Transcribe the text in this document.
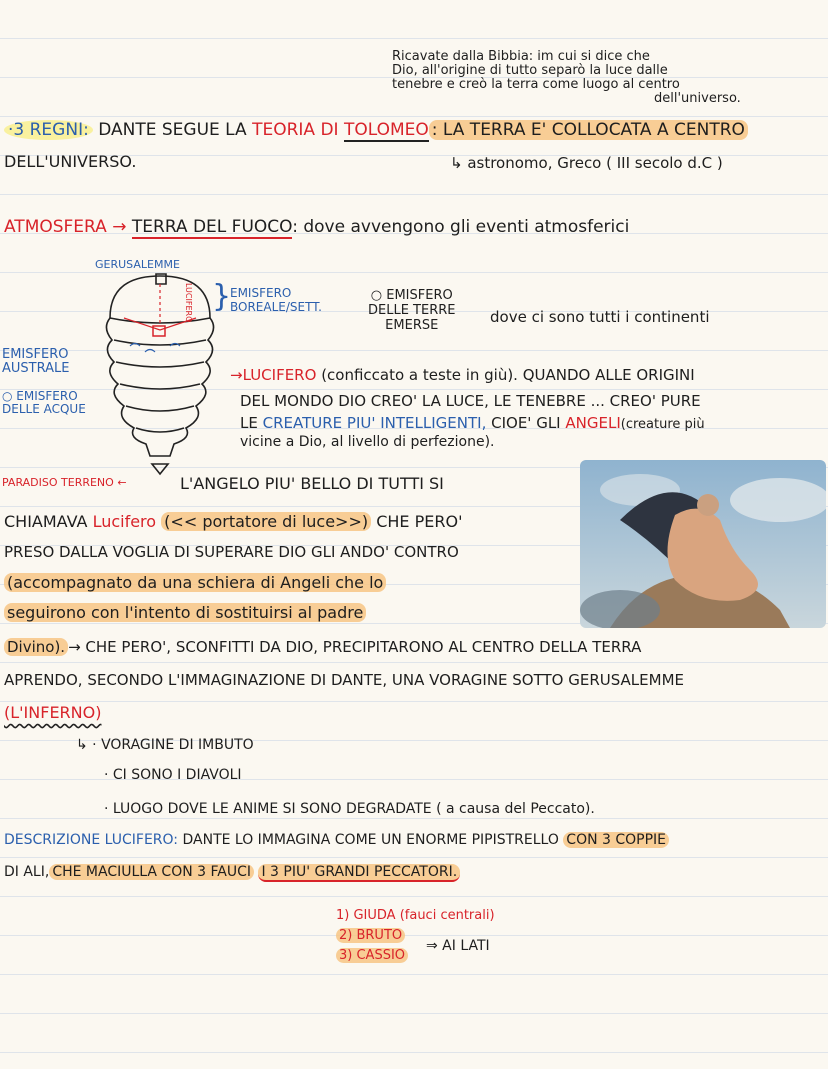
Ricavate dalla Bibbia: im cui si dice che
Dio, all'origine di tutto separò la luce dalle
tenebre e creò la terra come luogo al centro
dell'universo.
·3 REGNI: DANTE SEGUE LA TEORIA DI TOLOMEO : LA TERRA E' COLLOCATA A CENTRO
DELL'UNIVERSO.	↳ astronomo, Greco ( III secolo d.C )
ATMOSFERA → TERRA DEL FUOCO: dove avvengono gli eventi atmosferici
GERUSALEMME
LUCIFERO }
EMISFERO
BOREALE/SETT.
○ EMISFERO
DELLE TERRE
EMERSE	dove ci sono tutti i continenti
EMISFERO
AUSTRALE
○ EMISFERO
DELLE ACQUE
→LUCIFERO (conficcato a teste in giù). QUANDO ALLE ORIGINI
DEL MONDO DIO CREO' LA LUCE, LE TENEBRE ... CREO' PURE
LE CREATURE PIU' INTELLIGENTI, CIOE' GLI ANGELI(creature più
vicine a Dio, al livello di perfezione).
PARADISO TERRENO ←	L'ANGELO PIU' BELLO DI TUTTI SI
CHIAMAVA Lucifero (<< portatore di luce>>) CHE PERO'
PRESO DALLA VOGLIA DI SUPERARE DIO GLI ANDO' CONTRO
(accompagnato da una schiera di Angeli che lo
seguirono con l'intento di sostituirsi al padre
Divino). → CHE PERO', SCONFITTI DA DIO, PRECIPITARONO AL CENTRO DELLA TERRA
APRENDO, SECONDO L'IMMAGINAZIONE DI DANTE, UNA VORAGINE SOTTO GERUSALEMME
(L'INFERNO)
↳ · VORAGINE DI IMBUTO
· CI SONO I DIAVOLI
· LUOGO DOVE LE ANIME SI SONO DEGRADATE ( a causa del Peccato).
DESCRIZIONE LUCIFERO: DANTE LO IMMAGINA COME UN ENORME PIPISTRELLO CON 3 COPPIE
DI ALI, CHE MACIULLA CON 3 FAUCI I 3 PIU' GRANDI PECCATORI.
1) GIUDA (fauci centrali)
2) BRUTO
3) CASSIO
⇒ AI LATI
